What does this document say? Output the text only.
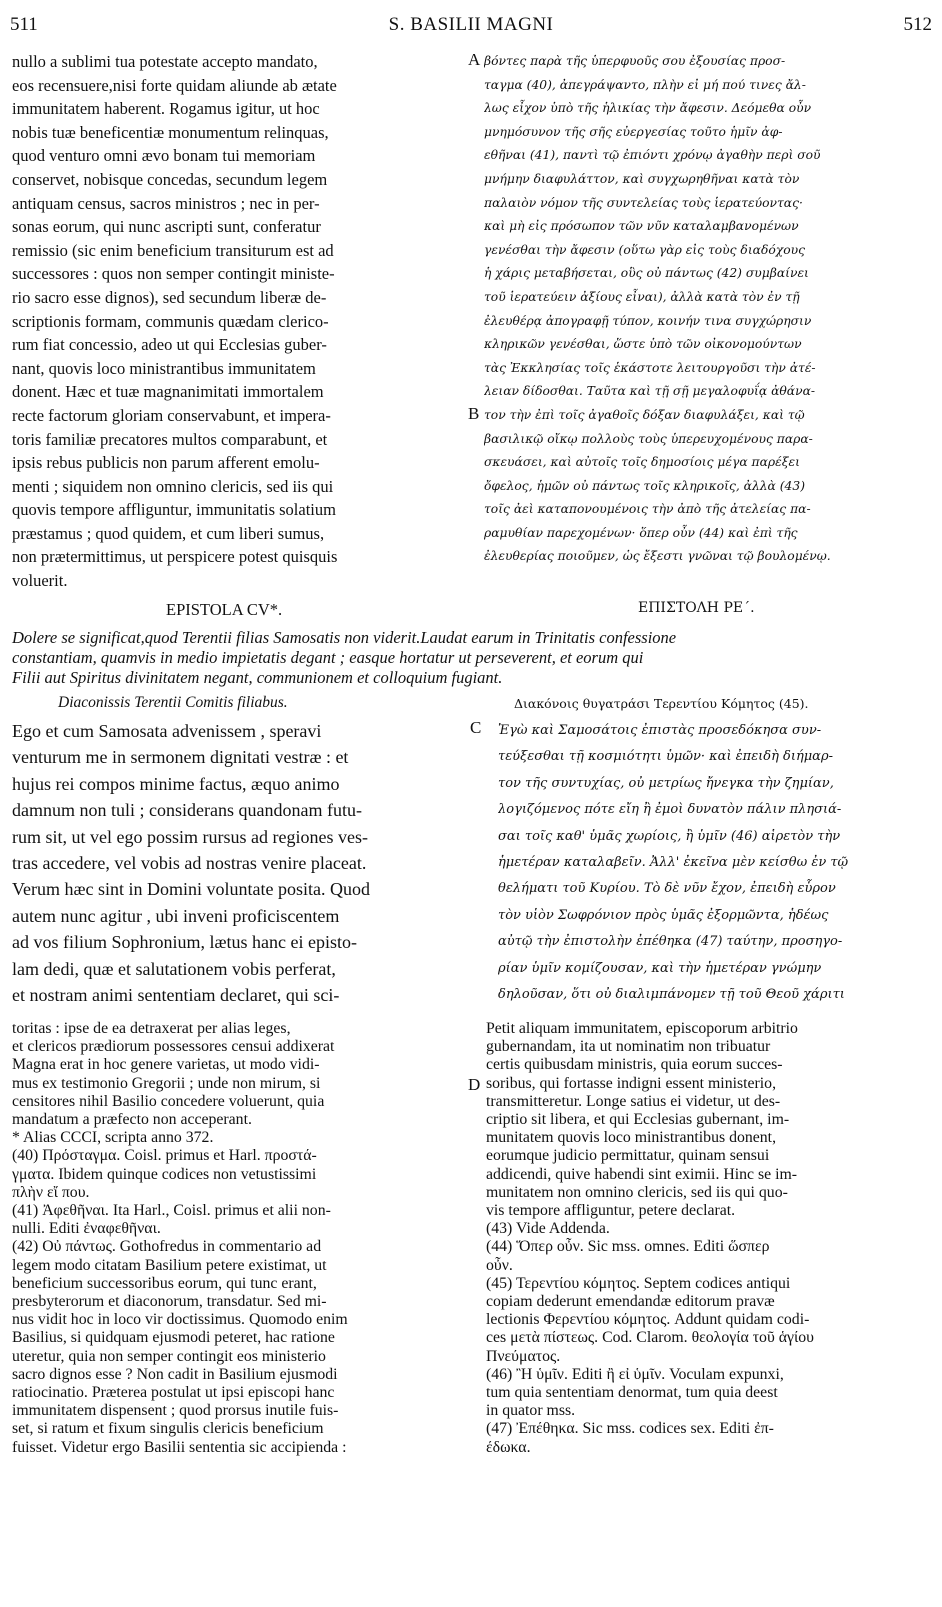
511	S. BASILII MAGNI	512
nullo a sublimi tua potestate accepto mandato,
eos recensuere,nisi forte quidam aliunde ab ætate
immunitatem haberent. Rogamus igitur, ut hoc
nobis tuæ beneficentiæ monumentum relinquas,
quod venturo omni ævo bonam tui memoriam
conservet, nobisque concedas, secundum legem
antiquam census, sacros ministros ; nec in per-
sonas eorum, qui nunc ascripti sunt, conferatur
remissio (sic enim beneficium transiturum est ad
successores : quos non semper contingit ministe-
rio sacro esse dignos), sed secundum liberæ de-
scriptionis formam, communis quædam clerico-
rum fiat concessio, adeo ut qui Ecclesias guber-
nant, quovis loco ministrantibus immunitatem
donent. Hæc et tuæ magnanimitati immortalem
recte factorum gloriam conservabunt, et impera-
toris familiæ precatores multos comparabunt, et
ipsis rebus publicis non parum afferent emolu-
menti ; siquidem non omnino clericis, sed iis qui
quovis tempore affliguntur, immunitatis solatium
præstamus ; quod quidem, et cum liberi sumus,
non prætermittimus, ut perspicere potest quisquis
voluerit.
βόντες παρὰ τῆς ὑπερφυοῦς σου ἐξουσίας προσ-
ταγμα (40), ἀπεγράψαντο, πλὴν εἰ μή πού τινες ἄλ-
λως εἶχον ὑπὸ τῆς ἡλικίας τὴν ἄφεσιν. Δεόμεθα οὖν
μνημόσυνον τῆς σῆς εὐεργεσίας τοῦτο ἡμῖν ἀφ-
εθῆναι (41), παντὶ τῷ ἐπιόντι χρόνῳ ἀγαθὴν περὶ σοῦ
μνήμην διαφυλάττον, καὶ συγχωρηθῆναι κατὰ τὸν
παλαιὸν νόμον τῆς συντελείας τοὺς ἱερατεύοντας·
καὶ μὴ εἰς πρόσωπον τῶν νῦν καταλαμβανομένων
γενέσθαι τὴν ἄφεσιν (οὕτω γὰρ εἰς τοὺς διαδόχους
ἡ χάρις μεταβήσεται, οὓς οὐ πάντως (42) συμβαίνει
τοῦ ἱερατεύειν ἀξίους εἶναι), ἀλλὰ κατὰ τὸν ἐν τῇ
ἐλευθέρᾳ ἀπογραφῇ τύπον, κοινήν τινα συγχώρησιν
κληρικῶν γενέσθαι, ὥστε ὑπὸ τῶν οἰκονομούντων
τὰς Ἐκκλησίας τοῖς ἑκάστοτε λειτουργοῦσι τὴν ἀτέ-
λειαν δίδοσθαι. Ταῦτα καὶ τῇ σῇ μεγαλοφυΐᾳ ἀθάνα-
τον τὴν ἐπὶ τοῖς ἀγαθοῖς δόξαν διαφυλάξει, καὶ τῷ
βασιλικῷ οἴκῳ πολλοὺς τοὺς ὑπερευχομένους παρα-
σκευάσει, καὶ αὐτοῖς τοῖς δημοσίοις μέγα παρέξει
ὄφελος, ἡμῶν οὐ πάντως τοῖς κληρικοῖς, ἀλλὰ (43)
τοῖς ἀεὶ καταπονουμένοις τὴν ἀπὸ τῆς ἀτελείας πα-
ραμυθίαν παρεχομένων· ὅπερ οὖν (44) καὶ ἐπὶ τῆς
ἐλευθερίας ποιοῦμεν, ὡς ἔξεστι γνῶναι τῷ βουλομένῳ.
A
B
EPISTOLA CV*.	ΕΠΙΣΤΟΛΗ ΡΕ΄.
Dolere se significat,quod Terentii filias Samosatis non viderit.Laudat earum in Trinitatis confessione
constantiam, quamvis in medio impietatis degant ; easque hortatur ut perseverent, et eorum qui
Filii aut Spiritus divinitatem negant, communionem et colloquium fugiant.
Diaconissis Terentii Comitis filiabus.	Διακόνοις θυγατράσι Τερεντίου Κόμητος (45).
Ego et cum Samosata advenissem , speravi
venturum me in sermonem dignitati vestræ : et
hujus rei compos minime factus, æquo animo
damnum non tuli ; considerans quandonam futu-
rum sit, ut vel ego possim rursus ad regiones ves-
tras accedere, vel vobis ad nostras venire placeat.
Verum hæc sint in Domini voluntate posita. Quod
autem nunc agitur , ubi inveni proficiscentem
ad vos filium Sophronium, lætus hanc ei episto-
lam dedi, quæ et salutationem vobis perferat,
et nostram animi sententiam declaret, qui sci-
Ἐγὼ καὶ Σαμοσάτοις ἐπιστὰς προσεδόκησα συν-
τεύξεσθαι τῇ κοσμιότητι ὑμῶν· καὶ ἐπειδὴ διήμαρ-
τον τῆς συντυχίας, οὐ μετρίως ἤνεγκα τὴν ζημίαν,
λογιζόμενος πότε εἴη ἢ ἐμοὶ δυνατὸν πάλιν πλησιά-
σαι τοῖς καθ' ὑμᾶς χωρίοις, ἢ ὑμῖν (46) αἱρετὸν τὴν
ἡμετέραν καταλαβεῖν. Ἀλλ' ἐκεῖνα μὲν κείσθω ἐν τῷ
θελήματι τοῦ Κυρίου. Τὸ δὲ νῦν ἔχον, ἐπειδὴ εὗρον
τὸν υἱὸν Σωφρόνιον πρὸς ὑμᾶς ἐξορμῶντα, ἡδέως
αὐτῷ τὴν ἐπιστολὴν ἐπέθηκα (47) ταύτην, προσηγο-
ρίαν ὑμῖν κομίζουσαν, καὶ τὴν ἡμετέραν γνώμην
δηλοῦσαν, ὅτι οὐ διαλιμπάνομεν τῇ τοῦ Θεοῦ χάριτι
C
D
toritas : ipse de ea detraxerat per alias leges,
et clericos prædiorum possessores censui addixerat
Magna erat in hoc genere varietas, ut modo vidi-
mus ex testimonio Gregorii ; unde non mirum, si
censitores nihil Basilio concedere voluerunt, quia
mandatum a præfecto non acceperant.
* Alias CCCI, scripta anno 372.
(40) Πρόσταγμα. Coisl. primus et Harl. προστά-
γματα. Ibidem quinque codices non vetustissimi
πλὴν εἴ που.
(41) Ἀφεθῆναι. Ita Harl., Coisl. primus et alii non-
nulli. Editi ἐναφεθῆναι.
(42) Οὐ πάντως. Gothofredus in commentario ad
legem modo citatam Basilium petere existimat, ut
beneficium successoribus eorum, qui tunc erant,
presbyterorum et diaconorum, transdatur. Sed mi-
nus vidit hoc in loco vir doctissimus. Quomodo enim
Basilius, si quidquam ejusmodi peteret, hac ratione
uteretur, quia non semper contingit eos ministerio
sacro dignos esse ? Non cadit in Basilium ejusmodi
ratiocinatio. Præterea postulat ut ipsi episcopi hanc
immunitatem dispensent ; quod prorsus inutile fuis-
set, si ratum et fixum singulis clericis beneficium
fuisset. Videtur ergo Basilii sententia sic accipienda :
Petit aliquam immunitatem, episcoporum arbitrio
gubernandam, ita ut nominatim non tribuatur
certis quibusdam ministris, quia eorum succes-
soribus, qui fortasse indigni essent ministerio,
transmitteretur. Longe satius ei videtur, ut des-
criptio sit libera, et qui Ecclesias gubernant, im-
munitatem quovis loco ministrantibus donent,
eorumque judicio permittatur, quinam sensui
addicendi, quive habendi sint eximii. Hinc se im-
munitatem non omnino clericis, sed iis qui quo-
vis tempore affliguntur, petere declarat.
(43) Vide Addenda.
(44) Ὅπερ οὖν. Sic mss. omnes. Editi ὥσπερ
οὖν.
(45) Τερεντίου κόμητος. Septem codices antiqui
copiam dederunt emendandæ editorum pravæ
lectionis Φερεντίου κόμητος. Addunt quidam codi-
ces μετὰ πίστεως. Cod. Clarom. θεολογία τοῦ ἁγίου
Πνεύματος.
(46) Ἢ ὑμῖν. Editi ἢ εἰ ὑμῖν. Voculam expunxi,
tum quia sententiam denormat, tum quia deest
in quator mss.
(47) Ἐπέθηκα. Sic mss. codices sex. Editi ἐπ-
έδωκα.
